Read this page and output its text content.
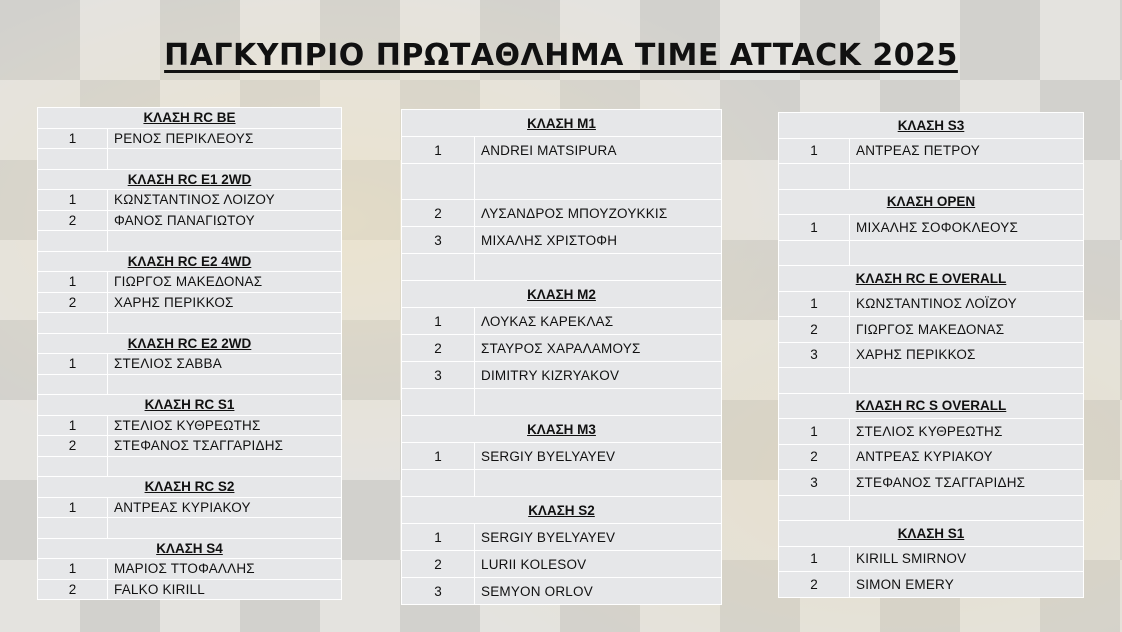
ΠΑΓΚΥΠΡΙΟ ΠΡΩΤΑΘΛΗΜΑ TIME ATTACK 2025
ΚΛΑΣΗ RC BE	
1	ΡΕΝΟΣ ΠΕΡΙΚΛΕΟΥΣ

ΚΛΑΣΗ RC E1 2WD	
1	ΚΩΝΣΤΑΝΤΙΝΟΣ ΛΟΙΖΟΥ
2	ΦΑΝΟΣ ΠΑΝΑΓΙΩΤΟΥ

ΚΛΑΣΗ RC E2 4WD	
1	ΓΙΩΡΓΟΣ ΜΑΚΕΔΟΝΑΣ
2	ΧΑΡΗΣ ΠΕΡΙΚΚΟΣ

ΚΛΑΣΗ RC E2 2WD	
1	ΣΤΕΛΙΟΣ ΣΑΒΒΑ

ΚΛΑΣΗ RC S1	
1	ΣΤΕΛΙΟΣ ΚΥΘΡΕΩΤΗΣ
2	ΣΤΕΦΑΝΟΣ ΤΣΑΓΓΑΡΙΔΗΣ

ΚΛΑΣΗ RC S2	
1	ΑΝΤΡΕΑΣ ΚΥΡΙΑΚΟΥ

ΚΛΑΣΗ S4	
1	ΜΑΡΙΟΣ ΤΤΟΦΑΛΛΗΣ
2	FALKO KIRILL
ΚΛΑΣΗ Μ1	
1	ANDREI MATSIPURA

2	ΛΥΣΑΝΔΡΟΣ ΜΠΟΥΖΟΥΚΚΙΣ
3	ΜΙΧΑΛΗΣ ΧΡΙΣΤΟΦΗ

ΚΛΑΣΗ Μ2	
1	ΛΟΥΚΑΣ ΚΑΡΕΚΛΑΣ
2	ΣΤΑΥΡΟΣ ΧΑΡΑΛΑΜΟΥΣ
3	DIMITRY KIZRYAKOV

ΚΛΑΣΗ Μ3	
1	SERGIY BYELYAYEV

ΚΛΑΣΗ S2	
1	SERGIY BYELYAYEV
2	LURII KOLESOV
3	SEMYON ORLOV
ΚΛΑΣΗ S3	
1	ΑΝΤΡΕΑΣ ΠΕΤΡΟΥ

ΚΛΑΣΗ OPEN	
1	ΜΙΧΑΛΗΣ ΣΟΦΟΚΛΕΟΥΣ

ΚΛΑΣΗ RC E OVERALL	
1	ΚΩΝΣΤΑΝΤΙΝΟΣ ΛΟΪΖΟΥ
2	ΓΙΩΡΓΟΣ ΜΑΚΕΔΟΝΑΣ
3	ΧΑΡΗΣ ΠΕΡΙΚΚΟΣ

ΚΛΑΣΗ RC S OVERALL	
1	ΣΤΕΛΙΟΣ ΚΥΘΡΕΩΤΗΣ
2	ΑΝΤΡΕΑΣ ΚΥΡΙΑΚΟΥ
3	ΣΤΕΦΑΝΟΣ ΤΣΑΓΓΑΡΙΔΗΣ

ΚΛΑΣΗ S1	
1	KIRILL SMIRNOV
2	SIMON EMERY
